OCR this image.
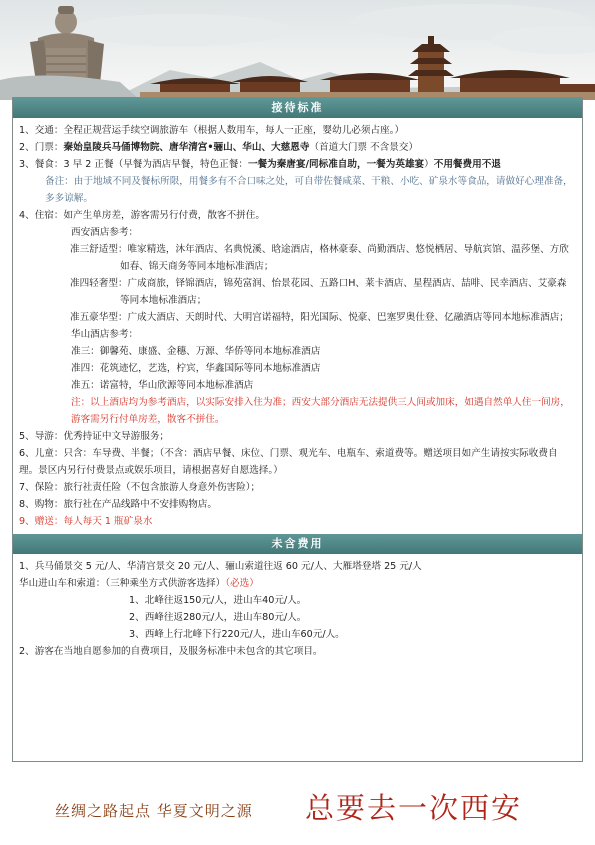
接待标准
1、交通：全程正规营运手续空调旅游车（根据人数用车，每人一正座，婴幼儿必须占座。）
2、门票：秦始皇陵兵马俑博物院、唐华清宫•骊山、华山、大慈恩寺（首道大门票 不含景交）
3、餐食：3 早 2 正餐（早餐为酒店早餐，特色正餐：一餐为秦唐宴/同标准自助，一餐为英雄宴）不用餐费用不退
备注：由于地域不同及餐标所限，用餐多有不合口味之处，可自带佐餐咸菜、干粮、小吃、矿泉水等食品，请做好心理准备，多多谅解。
4、住宿：如产生单房差，游客需另行付费，散客不拼住。
西安酒店参考：
准三舒适型：唯家精选，沐年酒店、名典悦溪、晗途酒店，格林豪泰、尚勤酒店、悠悦栖居、导航宾馆、温莎堡、方欣如春、锦天商务等同本地标准酒店；
准四轻奢型：广成商旅，铎锦酒店，锦苑富润、怡景花园、五路口H、莱卡酒店、星程酒店、喆啡、民幸酒店、艾豪森等同本地标准酒店；
准五豪华型：广成大酒店、天朗时代、大明宫诺福特，阳光国际、悦豪、巴塞罗奥仕登、亿融酒店等同本地标准酒店；
华山酒店参考：
准三：御馨苑、康盛、金穗、万源、华侨等同本地标准酒店
准四：花筑迹忆，艺选，柠宾，华鑫国际等同本地标准酒店
准五：诺富特，华山欣源等同本地标准酒店
注：以上酒店均为参考酒店，以实际安排入住为准；西安大部分酒店无法提供三人间或加床，如遇自然单人住一间房，游客需另行付单房差，散客不拼住。
5、导游：优秀持证中文导游服务；
6、儿童：只含：车导费、半餐；（不含：酒店早餐、床位、门票、观光车、电瓶车、索道费等。赠送项目如产生请按实际收费自理。景区内另行付费景点或娱乐项目，请根据喜好自愿选择。）
7、保险：旅行社责任险（不包含旅游人身意外伤害险）；
8、购物：旅行社在产品线路中不安排购物店。
9、赠送：每人每天 1 瓶矿泉水
未含费用
1、兵马俑景交 5 元/人、华清宫景交 20 元/人、骊山索道往返 60 元/人、大雁塔登塔 25 元/人
华山进山车和索道：（三种乘坐方式供游客选择）（必选）
1、北峰往返150元/人，进山车40元/人。
2、西峰往返280元/人，进山车80元/人。
3、西峰上行北峰下行220元/人，进山车60元/人。
2、游客在当地自愿参加的自费项目，及服务标准中未包含的其它项目。
丝绸之路起点 华夏文明之源 总要去一次西安
